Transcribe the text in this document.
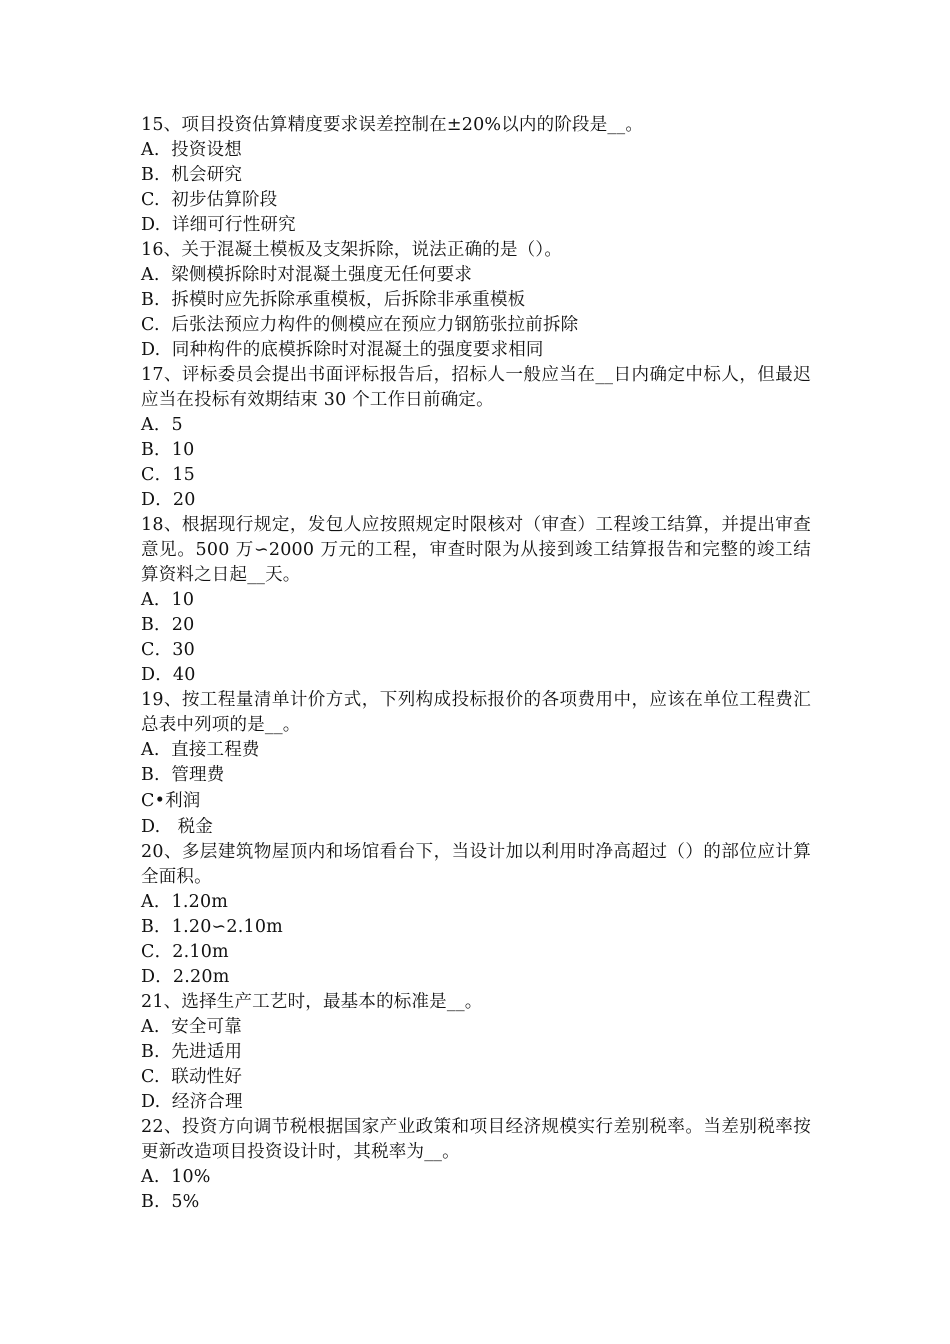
15、项目投资估算精度要求误差控制在±20%以内的阶段是__。
A.  投资设想
B.  机会研究
C.  初步估算阶段
D.  详细可行性研究
16、关于混凝土模板及支架拆除，说法正确的是（）。
A.  梁侧模拆除时对混凝土强度无任何要求
B.  拆模时应先拆除承重模板，后拆除非承重模板
C.  后张法预应力构件的侧模应在预应力钢筋张拉前拆除
D.  同种构件的底模拆除时对混凝土的强度要求相同
17、评标委员会提出书面评标报告后，招标人一般应当在__日内确定中标人，但最迟应当在投标有效期结束 30 个工作日前确定。
A．5
B．10
C．15
D．20
18、根据现行规定，发包人应按照规定时限核对（审查）工程竣工结算，并提出审查意见。500 万∽2000 万元的工程，审查时限为从接到竣工结算报告和完整的竣工结算资料之日起__天。
A．10
B．20
C．30
D．40
19、按工程量清单计价方式，下列构成投标报价的各项费用中，应该在单位工程费汇总表中列项的是__。
A.  直接工程费
B.  管理费
C•利润
D.   税金
20、多层建筑物屋顶内和场馆看台下，当设计加以利用时净高超过（）的部位应计算全面积。
A．1.20m
B．1.20∽2.10m
C．2.10m
D．2.20m
21、选择生产工艺时，最基本的标准是__。
A.  安全可靠
B.  先进适用
C.  联动性好
D.  经济合理
22、投资方向调节税根据国家产业政策和项目经济规模实行差别税率。当差别税率按更新改造项目投资设计时，其税率为__。
A.  10%
B.  5%
